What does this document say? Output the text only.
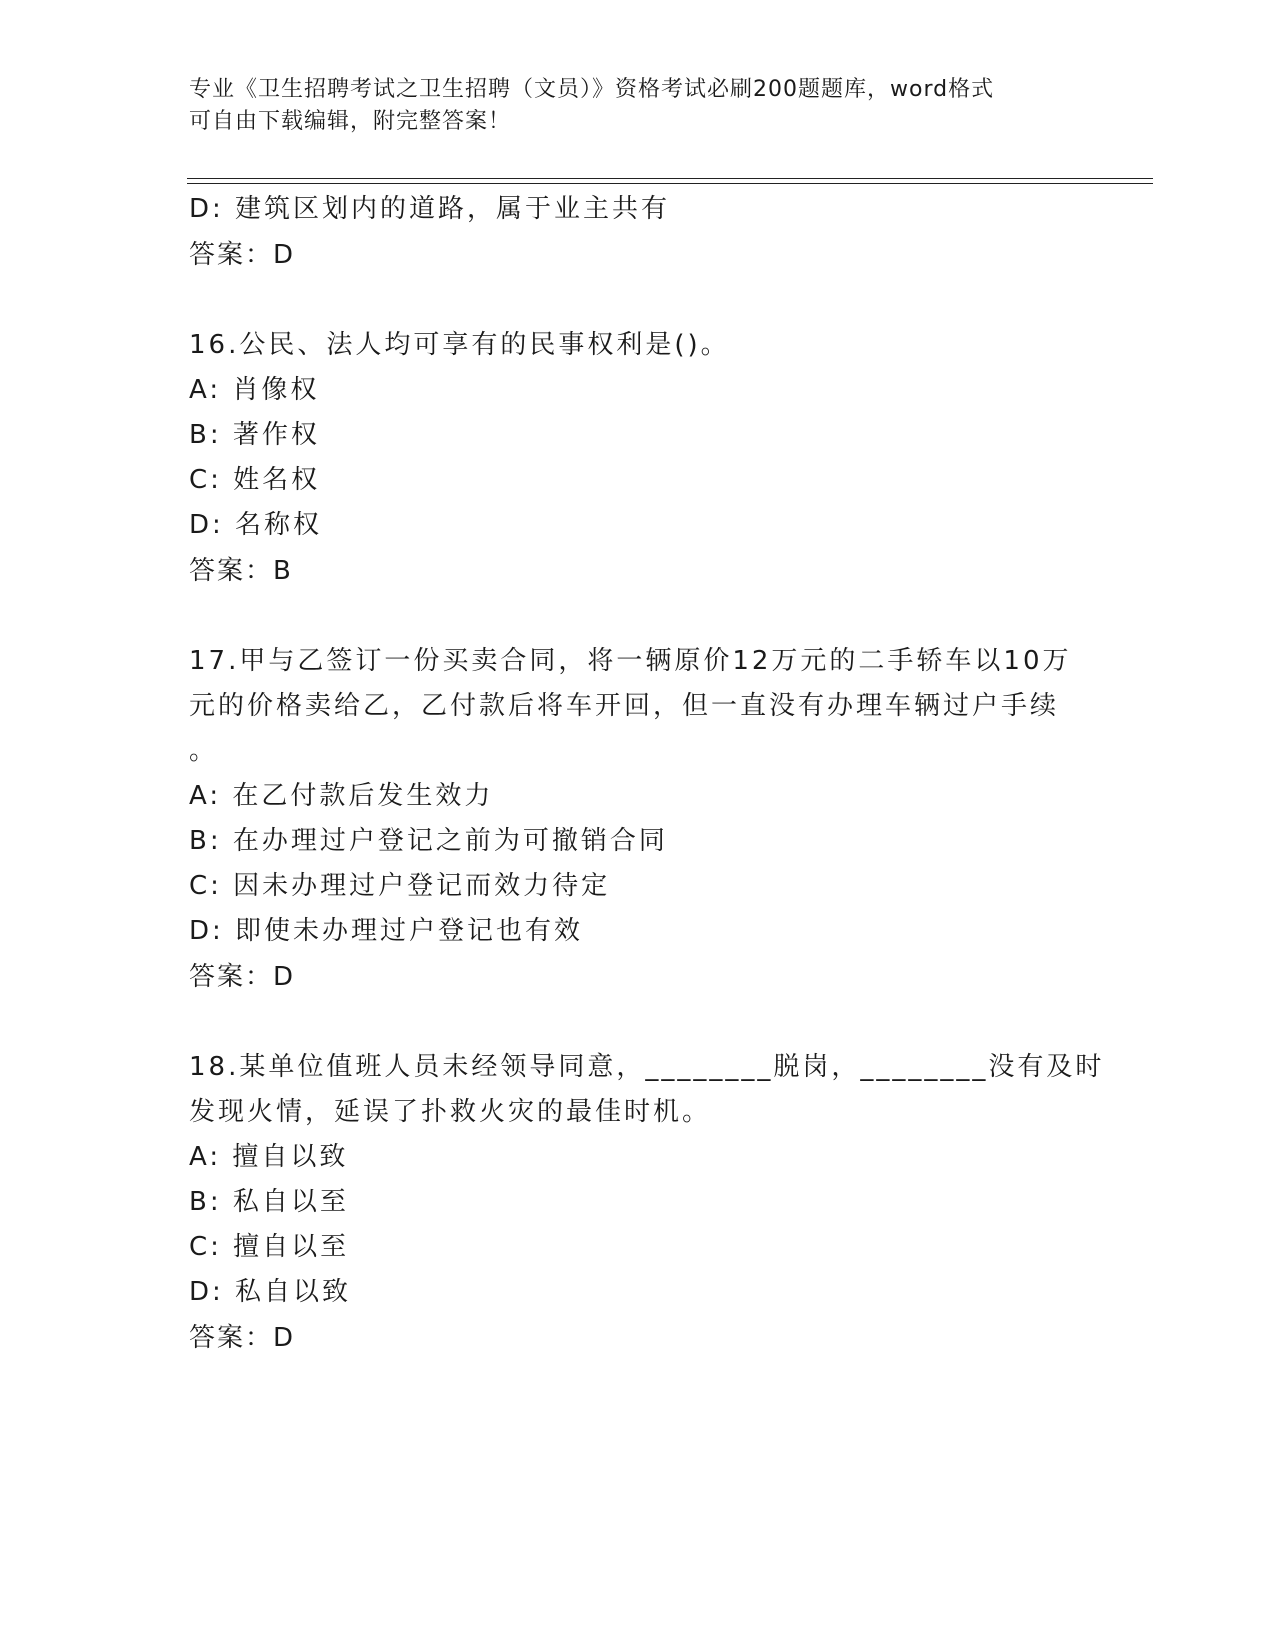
专业《卫生招聘考试之卫生招聘（文员）》资格考试必刷200题题库，word格式
可自由下载编辑，附完整答案！
D: 建筑区划内的道路，属于业主共有
答案：D
16.公民、法人均可享有的民事权利是()。
A: 肖像权
B: 著作权
C: 姓名权
D: 名称权
答案：B
17.甲与乙签订一份买卖合同，将一辆原价12万元的二手轿车以10万
元的价格卖给乙，乙付款后将车开回，但一直没有办理车辆过户手续
。
A: 在乙付款后发生效力
B: 在办理过户登记之前为可撤销合同
C: 因未办理过户登记而效力待定
D: 即使未办理过户登记也有效
答案：D
18.某单位值班人员未经领导同意，________脱岗，________没有及时
发现火情，延误了扑救火灾的最佳时机。
A: 擅自以致
B: 私自以至
C: 擅自以至
D: 私自以致
答案：D
